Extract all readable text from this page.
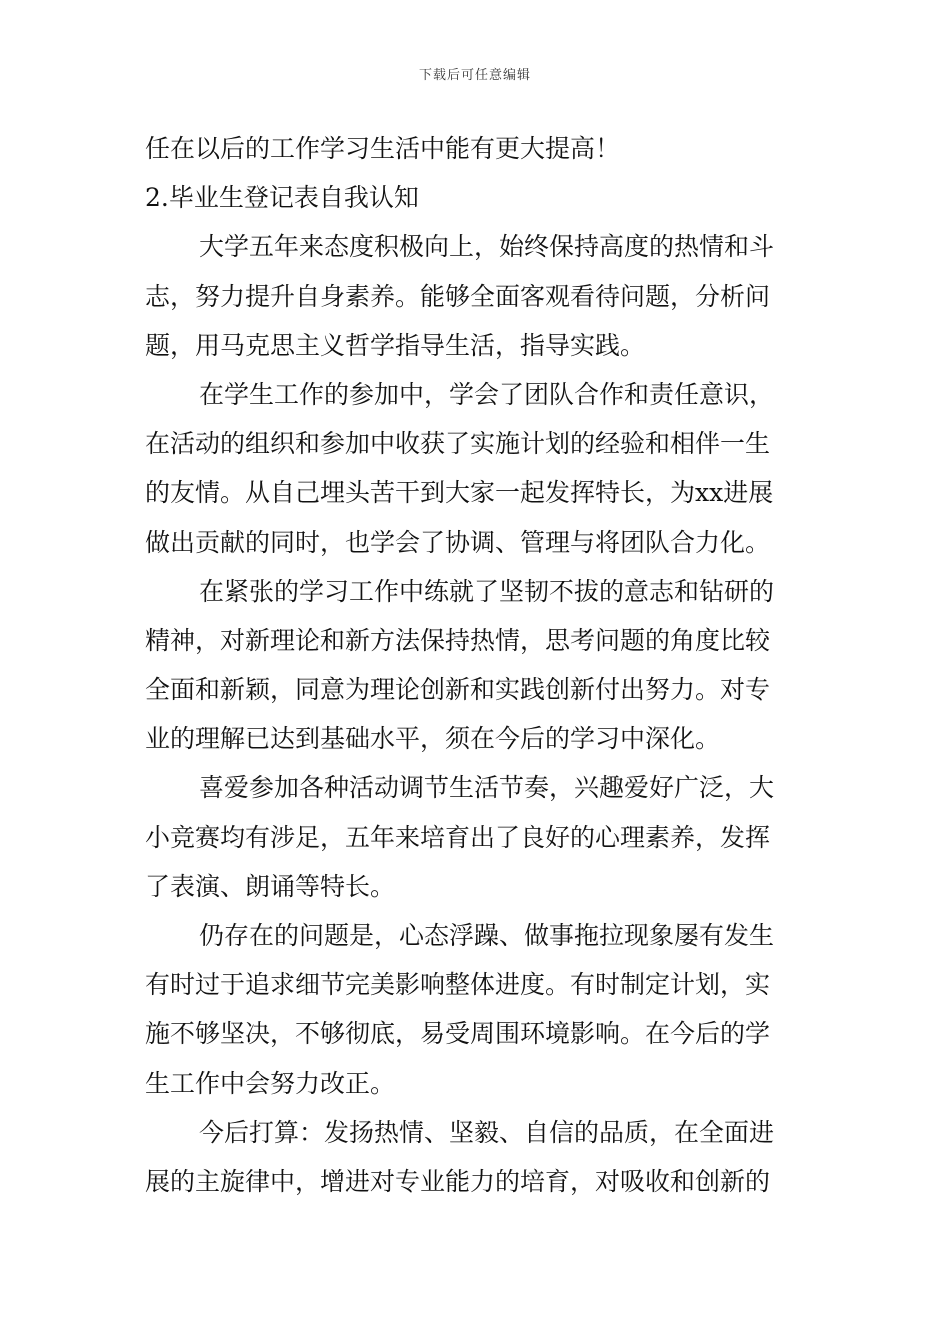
下载后可任意编辑
任在以后的工作学习生活中能有更大提高！
2.毕业生登记表自我认知
大学五年来态度积极向上，始终保持高度的热情和斗
志，努力提升自身素养。能够全面客观看待问题，分析问
题，用马克思主义哲学指导生活，指导实践。
在学生工作的参加中，学会了团队合作和责任意识，
在活动的组织和参加中收获了实施计划的经验和相伴一生
的友情。从自己埋头苦干到大家一起发挥特长，为xx进展
做出贡献的同时，也学会了协调、管理与将团队合力化。
在紧张的学习工作中练就了坚韧不拔的意志和钻研的
精神，对新理论和新方法保持热情，思考问题的角度比较
全面和新颖，同意为理论创新和实践创新付出努力。对专
业的理解已达到基础水平，须在今后的学习中深化。
喜爱参加各种活动调节生活节奏，兴趣爱好广泛，大
小竞赛均有涉足，五年来培育出了良好的心理素养，发挥
了表演、朗诵等特长。
仍存在的问题是，心态浮躁、做事拖拉现象屡有发生
有时过于追求细节完美影响整体进度。有时制定计划，实
施不够坚决，不够彻底，易受周围环境影响。在今后的学
生工作中会努力改正。
今后打算：发扬热情、坚毅、自信的品质，在全面进
展的主旋律中，增进对专业能力的培育，对吸收和创新的
